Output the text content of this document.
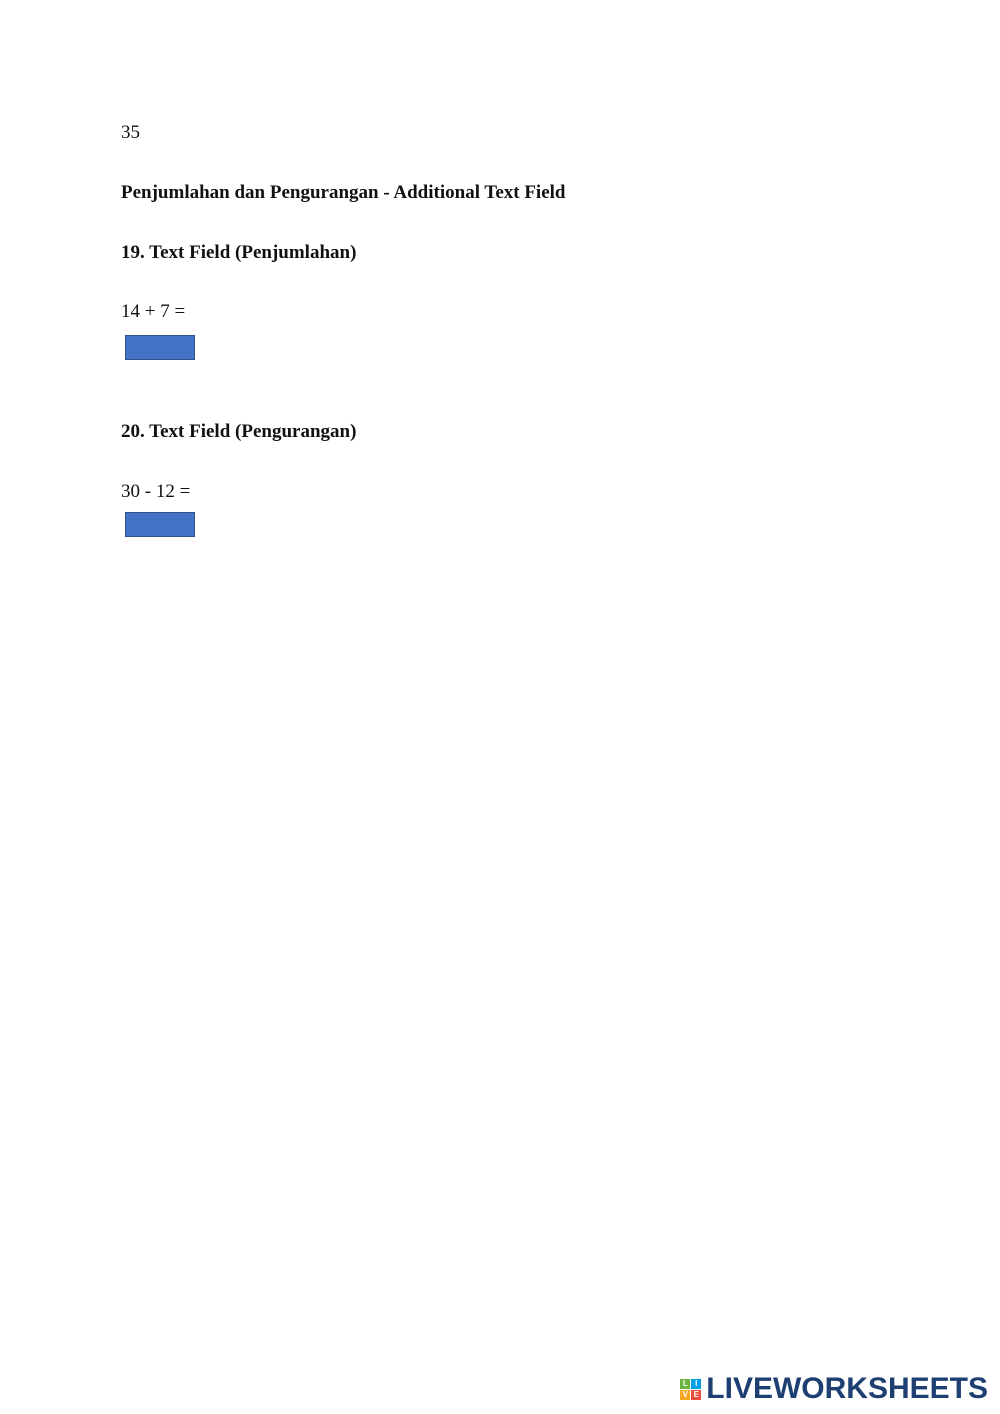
35
Penjumlahan dan Pengurangan - Additional Text Field
19. Text Field (Penjumlahan)
14 + 7 =
20. Text Field (Pengurangan)
30 - 12 =
L I
V E LIVEWORKSHEETS
